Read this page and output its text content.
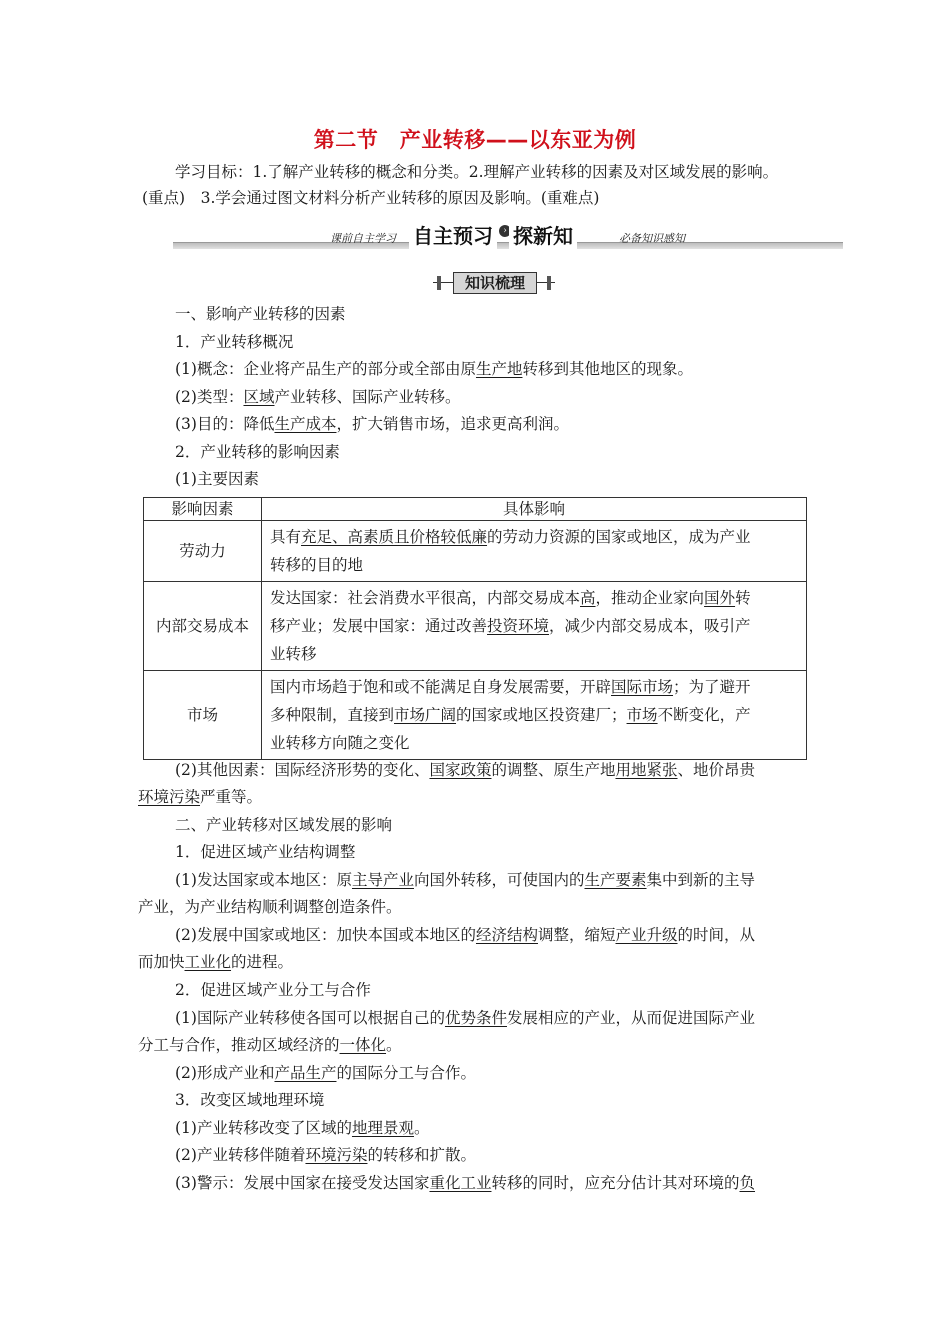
第二节　产业转移——以东亚为例
学习目标：1.了解产业转移的概念和分类。2.理解产业转移的因素及对区域发展的影响。
(重点)　3.学会通过图文材料分析产业转移的原因及影响。(重难点)
课前自主学习 自主预习	› 探新知	必备知识感知
知识梳理
一、影响产业转移的因素
1．产业转移概况
(1)概念：企业将产品生产的部分或全部由原生产地转移到其他地区的现象。
(2)类型：区域产业转移、国际产业转移。
(3)目的：降低生产成本，扩大销售市场，追求更高利润。
2．产业转移的影响因素
(1)主要因素
影响因素	具体影响
劳动力	具有充足、高素质且价格较低廉的劳动力资源的国家或地区，成为产业
转移的目的地
内部交易成本	发达国家：社会消费水平很高，内部交易成本高，推动企业家向国外转
移产业；发展中国家：通过改善投资环境，减少内部交易成本，吸引产
业转移
市场	国内市场趋于饱和或不能满足自身发展需要，开辟国际市场；为了避开
多种限制，直接到市场广阔的国家或地区投资建厂；市场不断变化，产
业转移方向随之变化
(2)其他因素：国际经济形势的变化、国家政策的调整、原生产地用地紧张、地价昂贵
环境污染严重等。
二、产业转移对区域发展的影响
1．促进区域产业结构调整
(1)发达国家或本地区：原主导产业向国外转移，可使国内的生产要素集中到新的主导
产业，为产业结构顺利调整创造条件。
(2)发展中国家或地区：加快本国或本地区的经济结构调整，缩短产业升级的时间，从
而加快工业化的进程。
2．促进区域产业分工与合作
(1)国际产业转移使各国可以根据自己的优势条件发展相应的产业，从而促进国际产业
分工与合作，推动区域经济的一体化。
(2)形成产业和产品生产的国际分工与合作。
3．改变区域地理环境
(1)产业转移改变了区域的地理景观。
(2)产业转移伴随着环境污染的转移和扩散。
(3)警示：发展中国家在接受发达国家重化工业转移的同时，应充分估计其对环境的负
